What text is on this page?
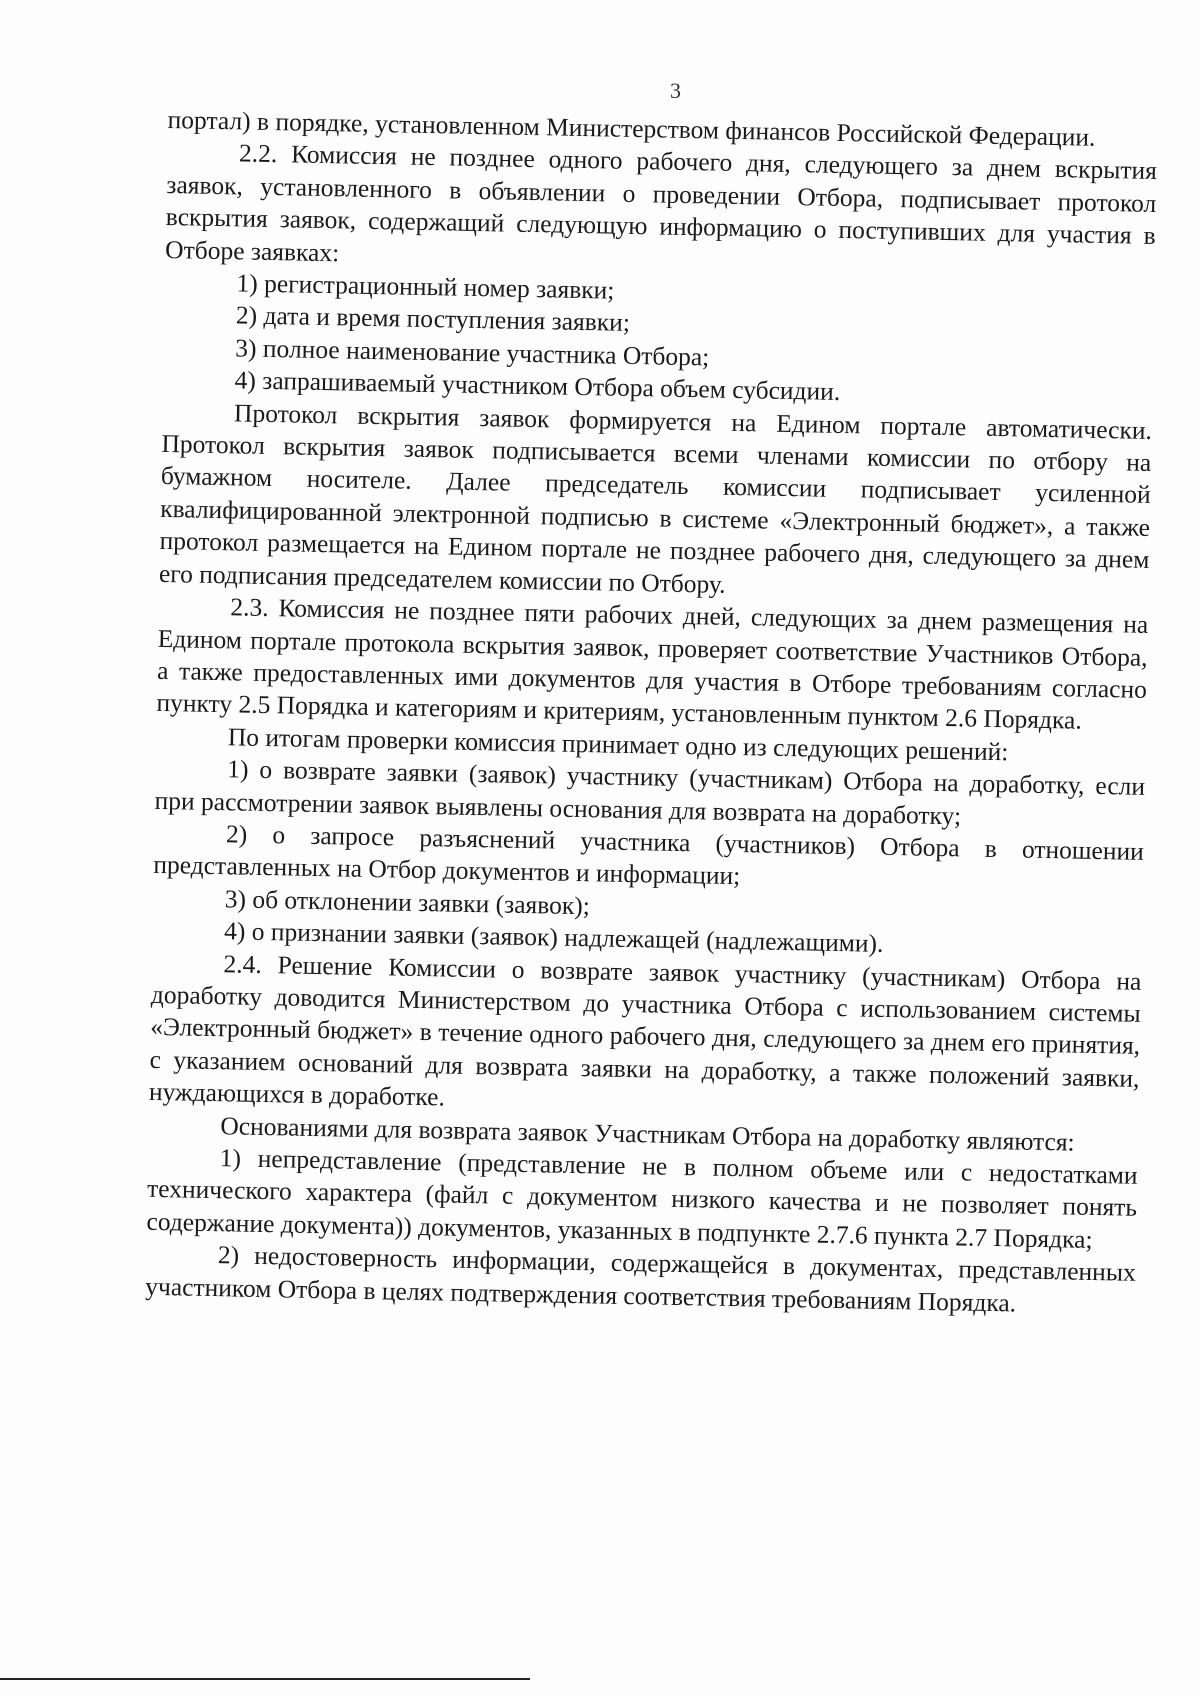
3

портал) в порядке, установленном Министерством финансов Российской Федерации.

2.2. Комиссия не позднее одного рабочего дня, следующего за днем вскрытия заявок, установленного в объявлении о проведении Отбора, подписывает протокол вскрытия заявок, содержащий следующую информацию о поступивших для участия в Отборе заявках:

1) регистрационный номер заявки;

2) дата и время поступления заявки;

3) полное наименование участника Отбора;

4) запрашиваемый участником Отбора объем субсидии.

Протокол вскрытия заявок формируется на Едином портале автоматически. Протокол вскрытия заявок подписывается всеми членами комиссии по отбору на бумажном носителе. Далее председатель комиссии подписывает усиленной квалифицированной электронной подписью в системе «Электронный бюджет», а также протокол размещается на Едином портале не позднее рабочего дня, следующего за днем его подписания председателем комиссии по Отбору.

2.3. Комиссия не позднее пяти рабочих дней, следующих за днем размещения на Едином портале протокола вскрытия заявок, проверяет соответствие Участников Отбора, а также предоставленных ими документов для участия в Отборе требованиям согласно пункту 2.5 Порядка и категориям и критериям, установленным пунктом 2.6 Порядка.

По итогам проверки комиссия принимает одно из следующих решений:

1) о возврате заявки (заявок) участнику (участникам) Отбора на доработку, если при рассмотрении заявок выявлены основания для возврата на доработку;

2) о запросе разъяснений участника (участников) Отбора в отношении представленных на Отбор документов и информации;

3) об отклонении заявки (заявок);

4) о признании заявки (заявок) надлежащей (надлежащими).

2.4. Решение Комиссии о возврате заявок участнику (участникам) Отбора на доработку доводится Министерством до участника Отбора с использованием системы «Электронный бюджет» в течение одного рабочего дня, следующего за днем его принятия, с указанием оснований для возврата заявки на доработку, а также положений заявки, нуждающихся в доработке.

Основаниями для возврата заявок Участникам Отбора на доработку являются:

1) непредставление (представление не в полном объеме или с недостатками технического характера (файл с документом низкого качества и не позволяет понять содержание документа)) документов, указанных в подпункте 2.7.6 пункта 2.7 Порядка;

2) недостоверность информации, содержащейся в документах, представленных участником Отбора в целях подтверждения соответствия требованиям Порядка.
